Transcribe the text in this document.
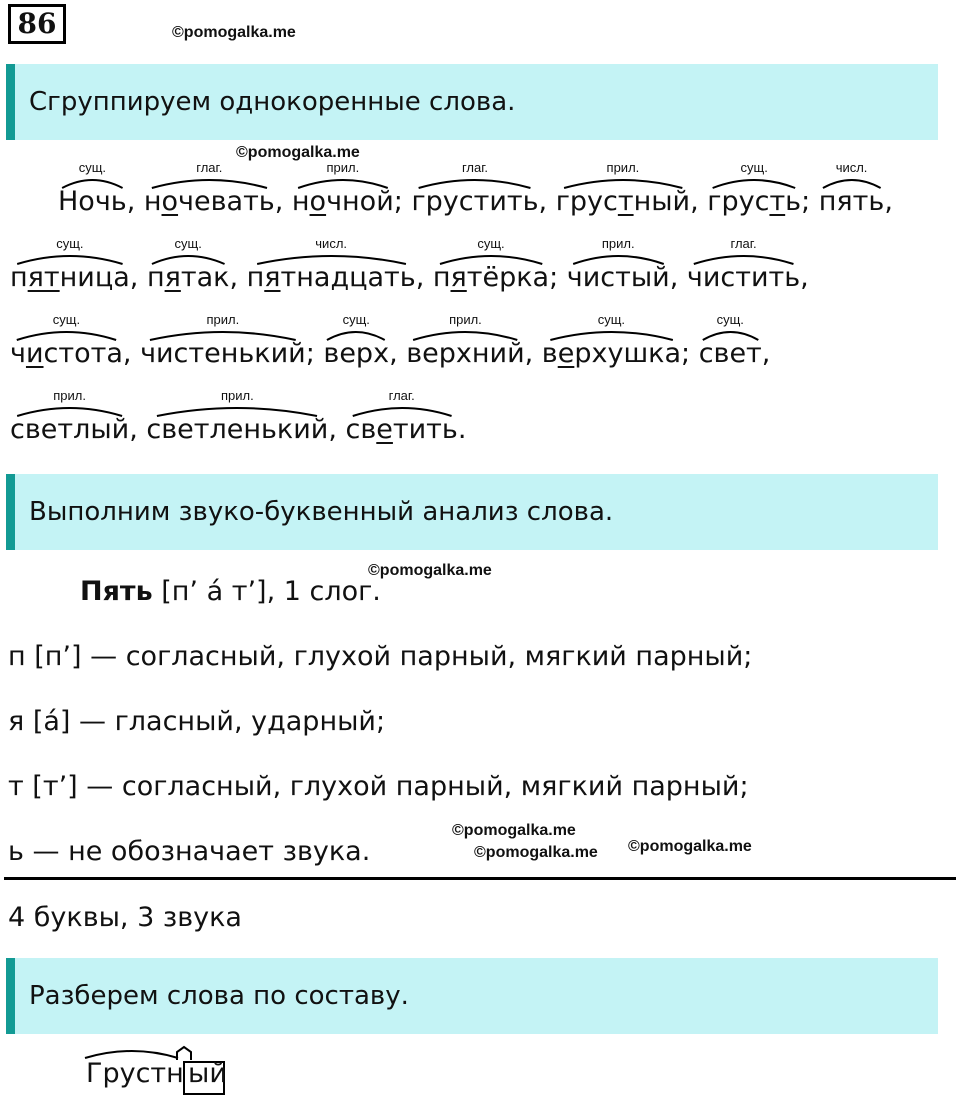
86	©pomogalka.me
Сгруппируем однокоренные слова.
©pomogalka.me
сущ.
Ночь,
глаг.
ночевать,
прил.
ночной;
глаг.
грустить,
прил.
грустный,
сущ.
грусть;
числ.
пять,
сущ.
пятница,
сущ.
пятак,
числ.
пятнадцать,
сущ.
пятёрка;
прил.
чистый,
глаг.
чистить,
сущ.
чистота,
прил.
чистенький;
сущ.
верх,
прил.
верхний,
сущ.
верхушка;
сущ.
свет,
прил.
светлый,
прил.
светленький,
глаг.
светить.
Выполним звуко-буквенный анализ слова.
©pomogalka.me
Пять [п’ а́ т’], 1 слог.
п [п’] — согласный, глухой парный, мягкий парный;
я [а́] — гласный, ударный;
т [т’] — согласный, глухой парный, мягкий парный;
ь — не обозначает звука.
©pomogalka.me
©pomogalka.me ©pomogalka.me
4 буквы, 3 звука
Разберем слова по составу.
Грустн ый
